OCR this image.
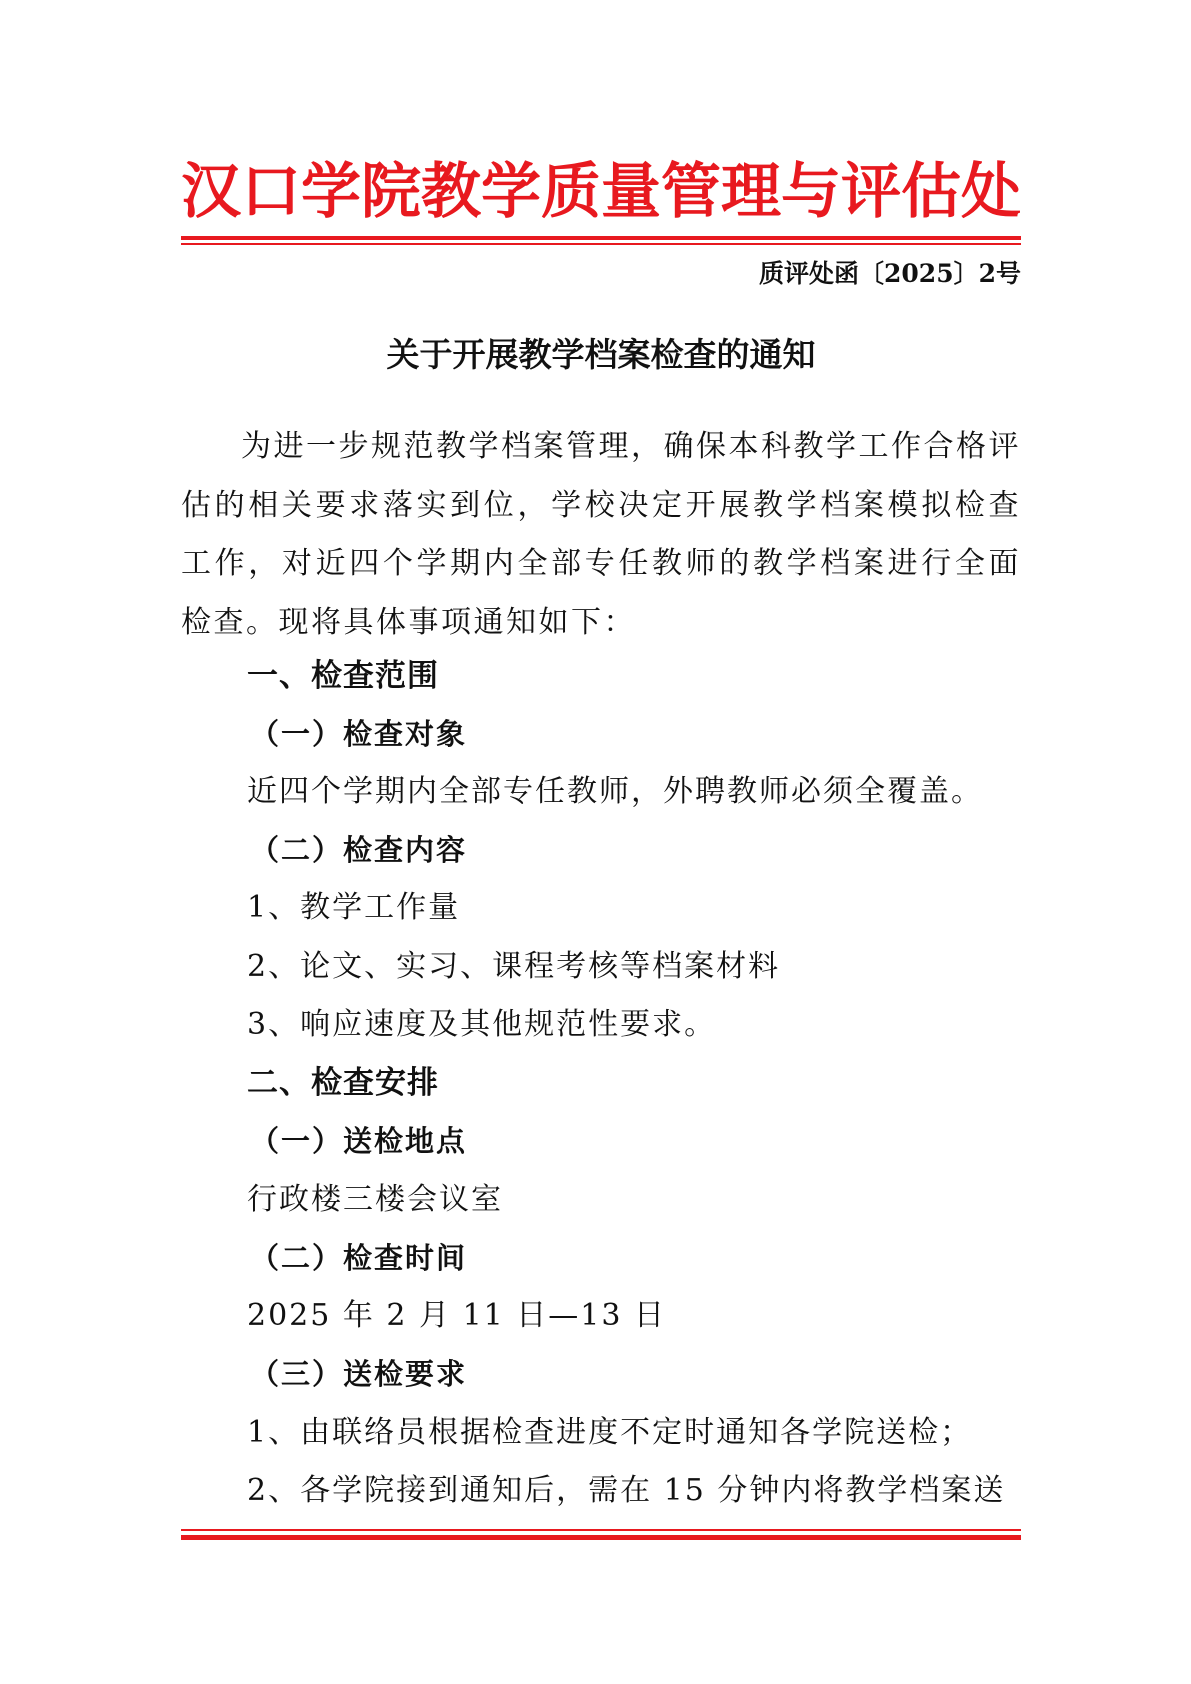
汉口学院教学质量管理与评估处
质评处函〔2025〕2号
关于开展教学档案检查的通知

为进一步规范教学档案管理，确保本科教学工作合格评估的相关要求落实到位，学校决定开展教学档案模拟检查工作，对近四个学期内全部专任教师的教学档案进行全面检查。现将具体事项通知如下：

一、检查范围
（一）检查对象
近四个学期内全部专任教师，外聘教师必须全覆盖。
（二）检查内容
1、教学工作量
2、论文、实习、课程考核等档案材料
3、响应速度及其他规范性要求。
二、检查安排
（一）送检地点
行政楼三楼会议室
（二）检查时间
2025 年 2 月 11 日—13 日
（三）送检要求
1、由联络员根据检查进度不定时通知各学院送检；
2、各学院接到通知后，需在 15 分钟内将教学档案送
